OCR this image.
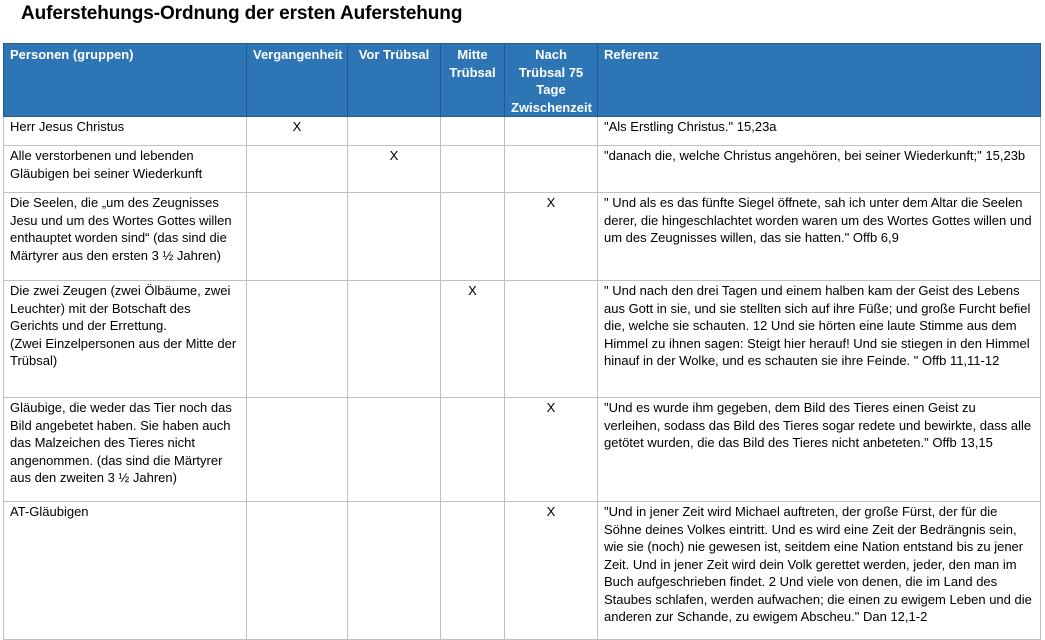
Auferstehungs-Ordnung der ersten Auferstehung
Personen (gruppen)	Vergangenheit	Vor Trübsal	Mitte Trübsal	Nach Trübsal 75 Tage Zwischenzeit	Referenz
Herr Jesus Christus	X				"Als Erstling Christus." 15,23a
Alle verstorbenen und lebenden Gläubigen bei seiner Wiederkunft		X			"danach die, welche Christus angehören, bei seiner Wiederkunft;" 15,23b
Die Seelen, die „um des Zeugnisses Jesu und um des Wortes Gottes willen enthauptet worden sind“ (das sind die Märtyrer aus den ersten 3 ½ Jahren)				X	" Und als es das fünfte Siegel öffnete, sah ich unter dem Altar die Seelen derer, die hingeschlachtet worden waren um des Wortes Gottes willen und um des Zeugnisses willen, das sie hatten." Offb 6,9
Die zwei Zeugen (zwei Ölbäume, zwei Leuchter) mit der Botschaft des Gerichts und der Errettung.
(Zwei Einzelpersonen aus der Mitte der Trübsal)			X		" Und nach den drei Tagen und einem halben kam der Geist des Lebens aus Gott in sie, und sie stellten sich auf ihre Füße; und große Furcht befiel die, welche sie schauten. 12 Und sie hörten eine laute Stimme aus dem Himmel zu ihnen sagen: Steigt hier herauf! Und sie stiegen in den Himmel hinauf in der Wolke, und es schauten sie ihre Feinde. " Offb 11,11-12
Gläubige, die weder das Tier noch das Bild angebetet haben. Sie haben auch das Malzeichen des Tieres nicht angenommen. (das sind die Märtyrer aus den zweiten 3 ½ Jahren)				X	"Und es wurde ihm gegeben, dem Bild des Tieres einen Geist zu verleihen, sodass das Bild des Tieres sogar redete und bewirkte, dass alle getötet wurden, die das Bild des Tieres nicht anbeteten." Offb 13,15
AT-Gläubigen				X	"Und in jener Zeit wird Michael auftreten, der große Fürst, der für die Söhne deines Volkes eintritt. Und es wird eine Zeit der Bedrängnis sein, wie sie (noch) nie gewesen ist, seitdem eine Nation entstand bis zu jener Zeit. Und in jener Zeit wird dein Volk gerettet werden, jeder, den man im Buch aufgeschrieben findet. 2 Und viele von denen, die im Land des Staubes schlafen, werden aufwachen; die einen zu ewigem Leben und die anderen zur Schande, zu ewigem Abscheu." Dan 12,1-2
